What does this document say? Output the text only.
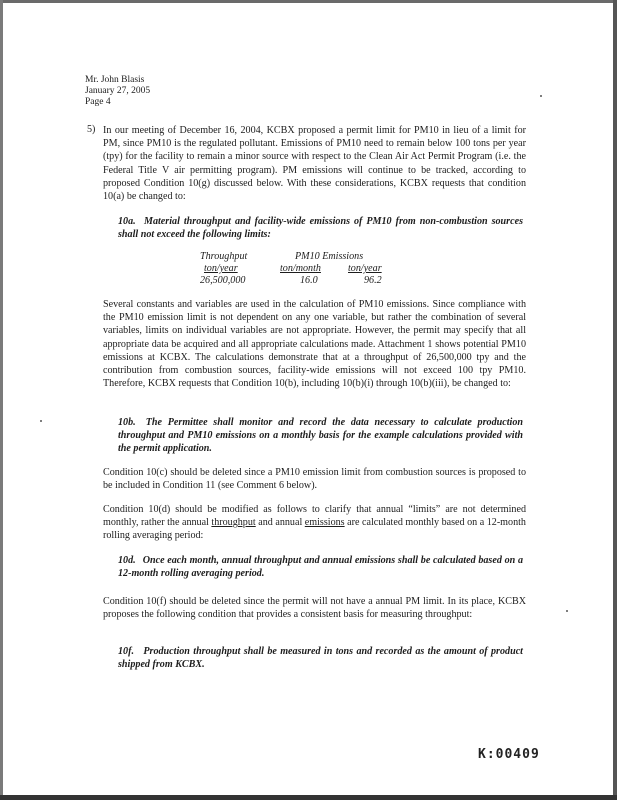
Mr. John Blasis
January 27, 2005
Page 4
5) In our meeting of December 16, 2004, KCBX proposed a permit limit for PM10 in lieu of a limit for PM, since PM10 is the regulated pollutant. Emissions of PM10 need to remain below 100 tons per year (tpy) for the facility to remain a minor source with respect to the Clean Air Act Permit Program (i.e. the Federal Title V air permitting program). PM emissions will continue to be tracked, according to proposed Condition 10(g) discussed below. With these considerations, KCBX requests that condition 10(a) be changed to:

10a. Material throughput and facility-wide emissions of PM10 from non-combustion sources shall not exceed the following limits:
Throughput	PM10 Emissions
ton/year	ton/month	ton/year
26,500,000	16.0	96.2

Several constants and variables are used in the calculation of PM10 emissions. Since compliance with the PM10 emission limit is not dependent on any one variable, but rather the combination of several variables, limits on individual variables are not appropriate. However, the permit may specify that all appropriate data be acquired and all appropriate calculations made. Attachment 1 shows potential PM10 emissions at KCBX. The calculations demonstrate that at a throughput of 26,500,000 tpy and the contribution from combustion sources, facility-wide emissions will not exceed 100 tpy PM10. Therefore, KCBX requests that Condition 10(b), including 10(b)(i) through 10(b)(iii), be changed to:

10b. The Permittee shall monitor and record the data necessary to calculate production throughput and PM10 emissions on a monthly basis for the example calculations provided with the permit application.

Condition 10(c) should be deleted since a PM10 emission limit from combustion sources is proposed to be included in Condition 11 (see Comment 6 below).

Condition 10(d) should be modified as follows to clarify that annual “limits” are not determined monthly, rather the annual throughput and annual emissions are calculated monthly based on a 12-month rolling averaging period:

10d. Once each month, annual throughput and annual emissions shall be calculated based on a 12-month rolling averaging period.

Condition 10(f) should be deleted since the permit will not have a annual PM limit. In its place, KCBX proposes the following condition that provides a consistent basis for measuring throughput:

10f. Production throughput shall be measured in tons and recorded as the amount of product shipped from KCBX.
K:00409
